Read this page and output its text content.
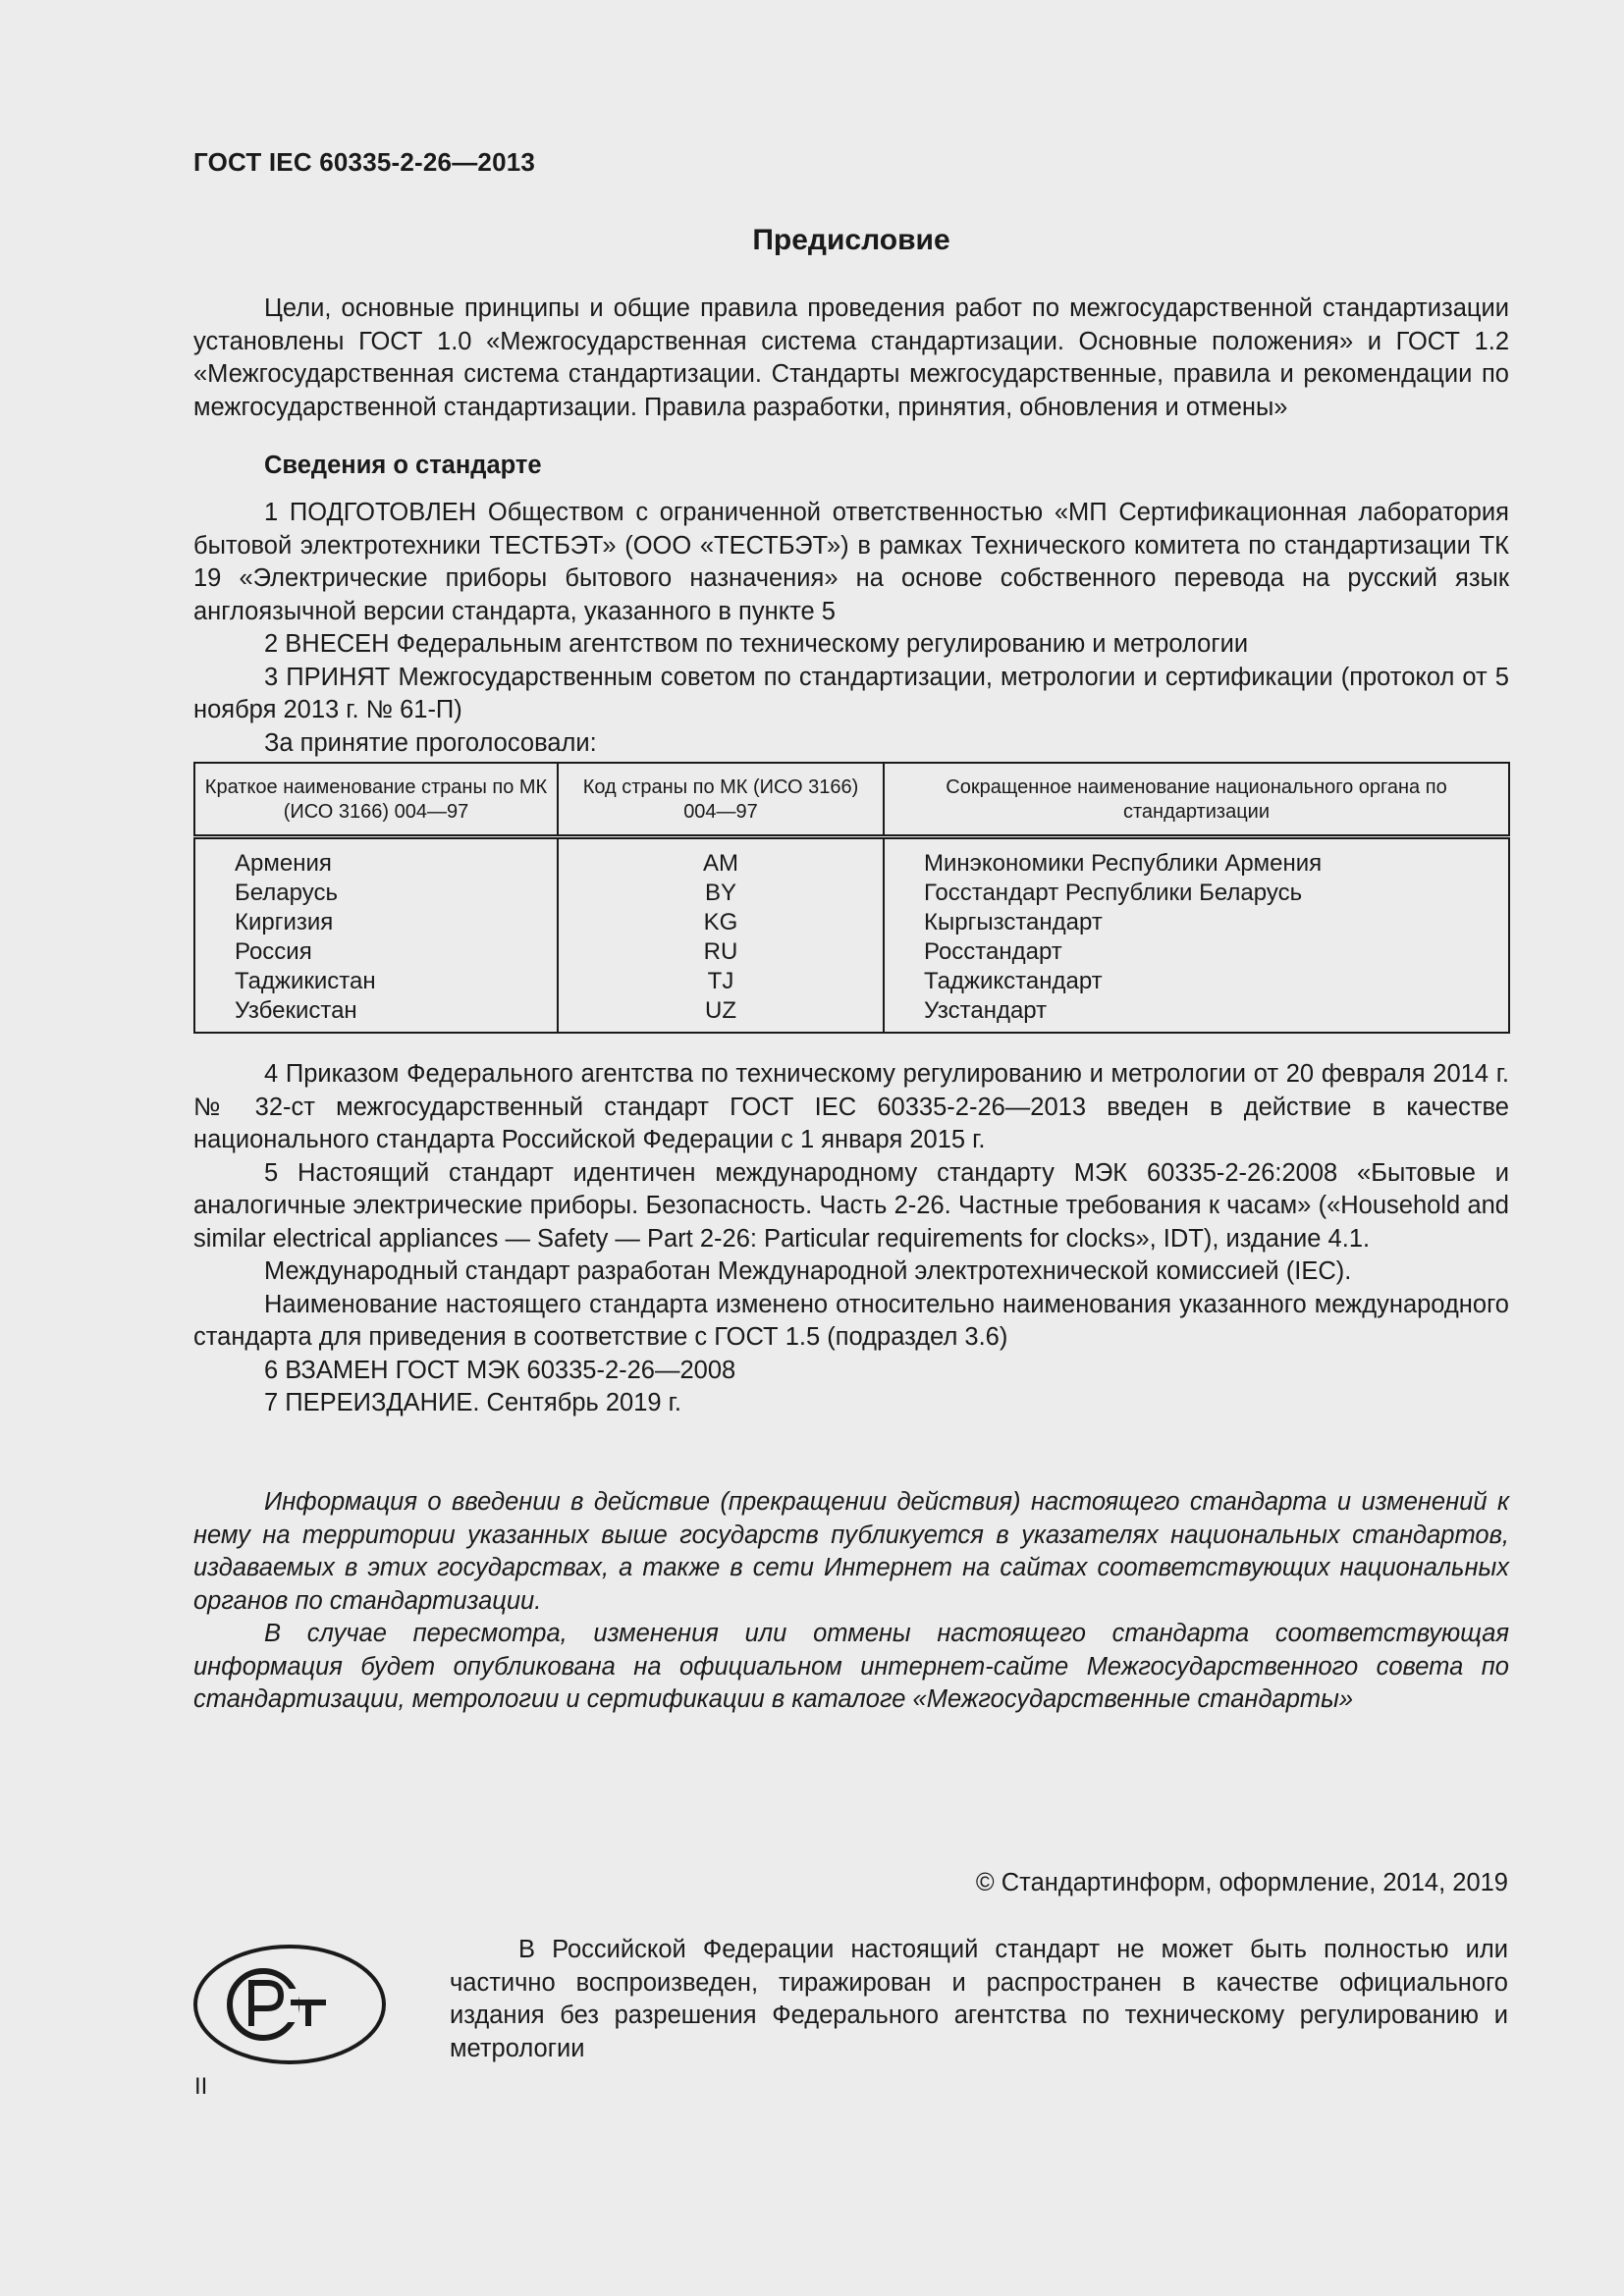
ГОСТ IEC 60335-2-26—2013
Предисловие

Цели, основные принципы и общие правила проведения работ по межгосударственной стандартизации установлены ГОСТ 1.0 «Межгосударственная система стандартизации. Основные положения» и ГОСТ 1.2 «Межгосударственная система стандартизации. Стандарты межгосударственные, правила и рекомендации по межгосударственной стандартизации. Правила разработки, принятия, обновления и отмены»

Сведения о стандарте

1 ПОДГОТОВЛЕН Обществом с ограниченной ответственностью «МП Сертификационная лаборатория бытовой электротехники ТЕСТБЭТ» (ООО «ТЕСТБЭТ») в рамках Технического комитета по стандартизации ТК 19 «Электрические приборы бытового назначения» на основе собственного перевода на русский язык англоязычной версии стандарта, указанного в пункте 5

2 ВНЕСЕН Федеральным агентством по техническому регулированию и метрологии

3 ПРИНЯТ Межгосударственным советом по стандартизации, метрологии и сертификации (протокол от 5 ноября 2013 г. № 61-П)

За принятие проголосовали:

Краткое наименование страны по МК (ИСО 3166) 004—97	Код страны по МК (ИСО 3166) 004—97	Сокращенное наименование национального органа по стандартизации
Армения	AM	Минэкономики Республики Армения
Беларусь	BY	Госстандарт Республики Беларусь
Киргизия	KG	Кыргызстандарт
Россия	RU	Росстандарт
Таджикистан	TJ	Таджикстандарт
Узбекистан	UZ	Узстандарт

4 Приказом Федерального агентства по техническому регулированию и метрологии от 20 февраля 2014 г. № 32-ст межгосударственный стандарт ГОСТ IEC 60335-2-26—2013 введен в действие в качестве национального стандарта Российской Федерации с 1 января 2015 г.

5 Настоящий стандарт идентичен международному стандарту МЭК 60335-2-26:2008 «Бытовые и аналогичные электрические приборы. Безопасность. Часть 2-26. Частные требования к часам» («Household and similar electrical appliances — Safety — Part 2-26: Particular requirements for clocks», IDT), издание 4.1.

Международный стандарт разработан Международной электротехнической комиссией (IEC).

Наименование настоящего стандарта изменено относительно наименования указанного международного стандарта для приведения в соответствие с ГОСТ 1.5 (подраздел 3.6)

6 ВЗАМЕН ГОСТ МЭК 60335-2-26—2008

7 ПЕРЕИЗДАНИЕ. Сентябрь 2019 г.

Информация о введении в действие (прекращении действия) настоящего стандарта и изменений к нему на территории указанных выше государств публикуется в указателях национальных стандартов, издаваемых в этих государствах, а также в сети Интернет на сайтах соответствующих национальных органов по стандартизации.

В случае пересмотра, изменения или отмены настоящего стандарта соответствующая информация будет опубликована на официальном интернет-сайте Межгосударственного совета по стандартизации, метрологии и сертификации в каталоге «Межгосударственные стандарты»

© Стандартинформ, оформление, 2014, 2019
В Российской Федерации настоящий стандарт не может быть полностью или частично воспроизведен, тиражирован и распространен в качестве официального издания без разрешения Федерального агентства по техническому регулированию и метрологии
II
